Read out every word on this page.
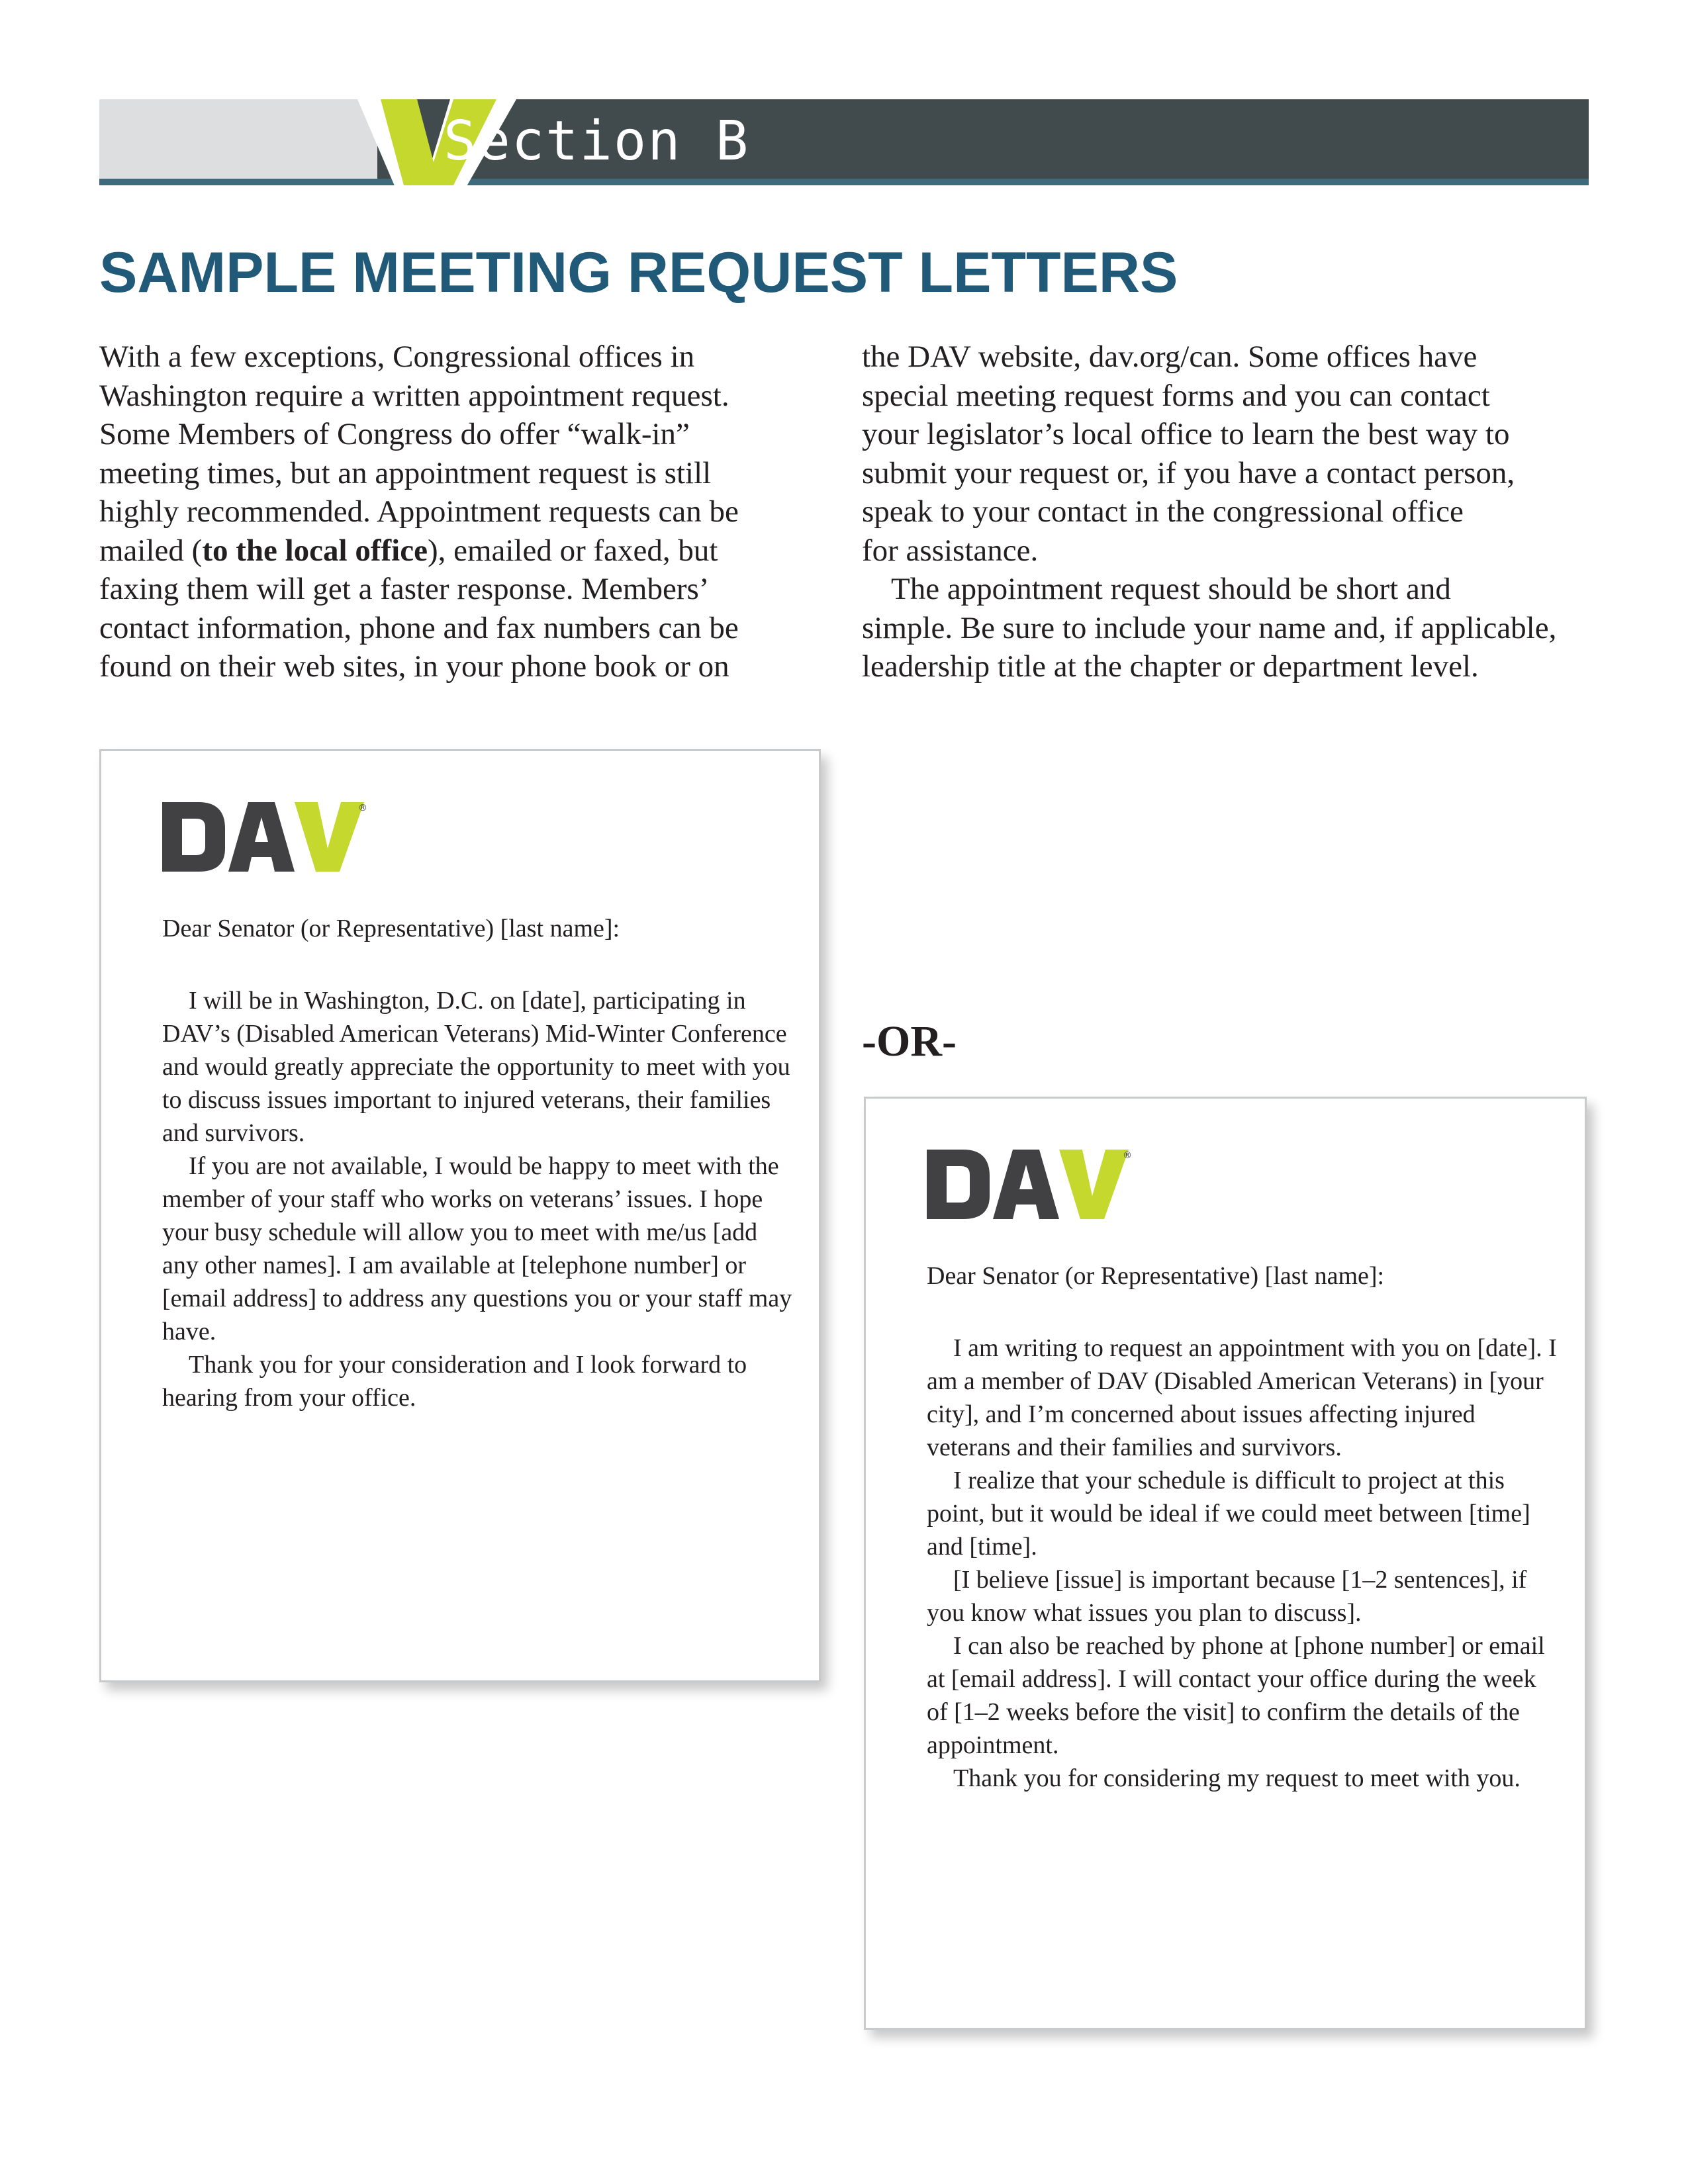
Section B
SAMPLE MEETING REQUEST LETTERS
With a few exceptions, Congressional offices in
Washington require a written appointment request.
Some Members of Congress do offer “walk-in”
meeting times, but an appointment request is still
highly recommended. Appointment requests can be
mailed (to the local office), emailed or faxed, but
faxing them will get a faster response. Members’
contact information, phone and fax numbers can be
found on their web sites, in your phone book or on
the DAV website, dav.org/can. Some offices have
special meeting request forms and you can contact
your legislator’s local office to learn the best way to
submit your request or, if you have a contact person,
speak to your contact in the congressional office
for assistance.
The appointment request should be short and
simple. Be sure to include your name and, if applicable,
leadership title at the chapter or department level.
®
Dear Senator (or Representative) [last name]:

I will be in Washington, D.C. on [date], participating in DAV’s (Disabled American Veterans) Mid-Winter Conference and would greatly appreciate the opportunity to meet with you to discuss issues important to injured veterans, their families and survivors.

If you are not available, I would be happy to meet with the member of your staff who works on veterans’ issues. I hope your busy schedule will allow you to meet with me/us [add any other names]. I am available at [telephone number] or [email address] to address any questions you or your staff may have.

Thank you for your consideration and I look forward to hearing from your office.

-OR-
®
Dear Senator (or Representative) [last name]:

I am writing to request an appointment with you on [date]. I am a member of DAV (Disabled American Veterans) in [your city], and I’m concerned about issues affecting injured veterans and their families and survivors.

I realize that your schedule is difficult to project at this point, but it would be ideal if we could meet between [time] and [time].

[I believe [issue] is important because [1–2 sentences], if you know what issues you plan to discuss].

I can also be reached by phone at [phone number] or email at [email address]. I will contact your office during the week of [1–2 weeks before the visit] to confirm the details of the appointment.

Thank you for considering my request to meet with you.
